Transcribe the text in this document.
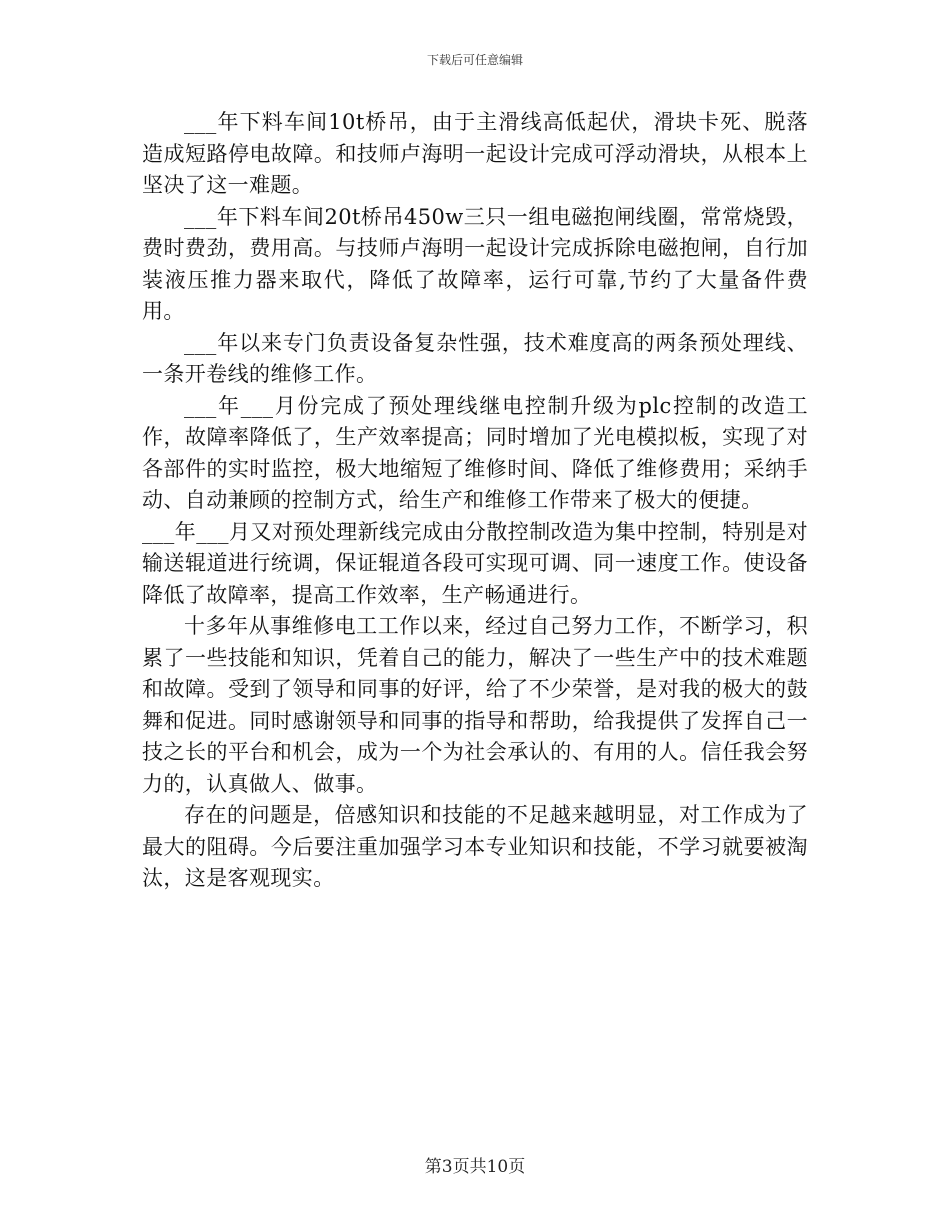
下载后可任意编辑

___年下料车间10t桥吊，由于主滑线高低起伏，滑块卡死、脱落造成短路停电故障。和技师卢海明一起设计完成可浮动滑块，从根本上坚决了这一难题。

___年下料车间20t桥吊450w三只一组电磁抱闸线圈，常常烧毁，费时费劲，费用高。与技师卢海明一起设计完成拆除电磁抱闸，自行加装液压推力器来取代，降低了故障率，运行可靠,节约了大量备件费用。

___年以来专门负责设备复杂性强，技术难度高的两条预处理线、一条开卷线的维修工作。

___年___月份完成了预处理线继电控制升级为plc控制的改造工作，故障率降低了，生产效率提高；同时增加了光电模拟板，实现了对各部件的实时监控，极大地缩短了维修时间、降低了维修费用；采纳手动、自动兼顾的控制方式，给生产和维修工作带来了极大的便捷。

___年___月又对预处理新线完成由分散控制改造为集中控制，特别是对输送辊道进行统调，保证辊道各段可实现可调、同一速度工作。使设备降低了故障率，提高工作效率，生产畅通进行。

十多年从事维修电工工作以来，经过自己努力工作，不断学习，积累了一些技能和知识，凭着自己的能力，解决了一些生产中的技术难题和故障。受到了领导和同事的好评，给了不少荣誉，是对我的极大的鼓舞和促进。同时感谢领导和同事的指导和帮助，给我提供了发挥自己一技之长的平台和机会，成为一个为社会承认的、有用的人。信任我会努力的，认真做人、做事。

存在的问题是，倍感知识和技能的不足越来越明显，对工作成为了最大的阻碍。今后要注重加强学习本专业知识和技能，不学习就要被淘汰，这是客观现实。

第3页共10页
